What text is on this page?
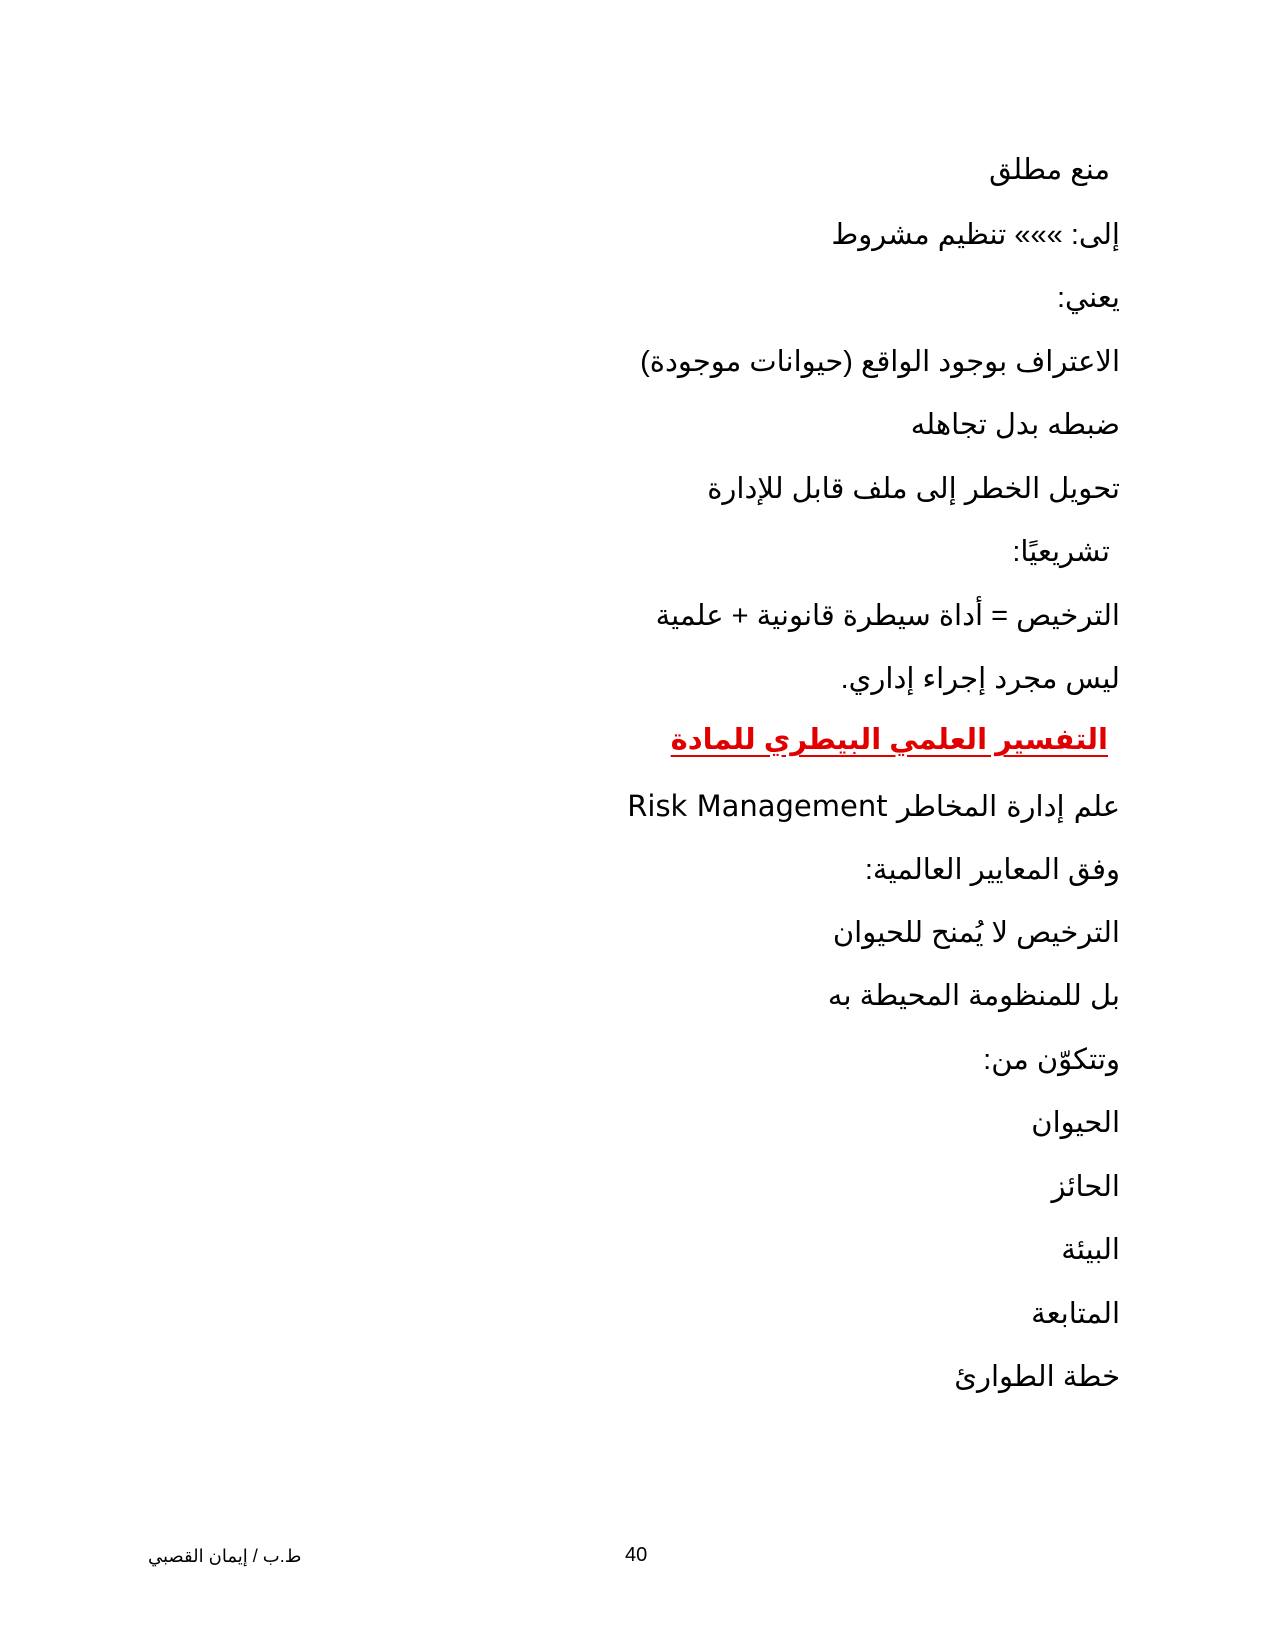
منع مطلق

إلى: »»» تنظيم مشروط

يعني:

الاعتراف بوجود الواقع (حيوانات موجودة)

ضبطه بدل تجاهله

تحويل الخطر إلى ملف قابل للإدارة

تشريعيًا:

الترخيص = أداة سيطرة قانونية + علمية

ليس مجرد إجراء إداري.

التفسير العلمي البيطري للمادة

علم إدارة المخاطر Risk Management

وفق المعايير العالمية:

الترخيص لا يُمنح للحيوان

بل للمنظومة المحيطة به

وتتكوّن من:

الحيوان

الحائز

البيئة

المتابعة

خطة الطوارئ

ط.ب / إيمان القصبي	40
